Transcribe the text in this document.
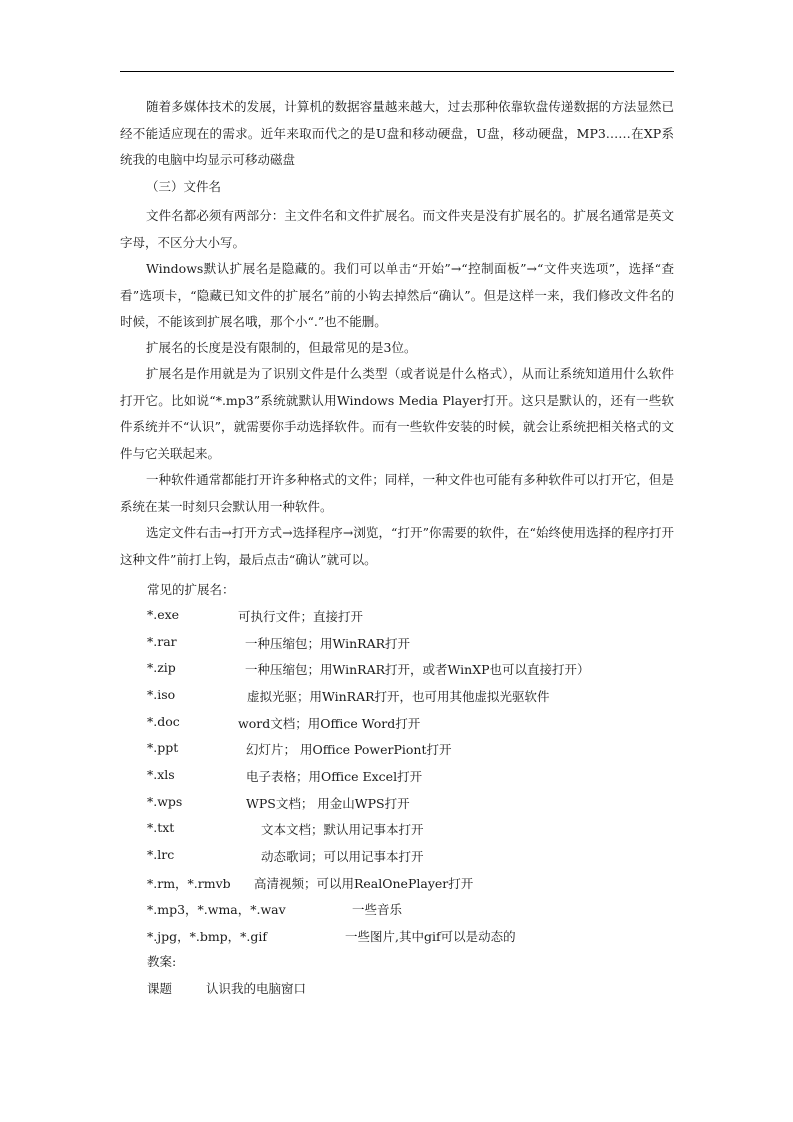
随着多媒体技术的发展，计算机的数据容量越来越大，过去那种依靠软盘传递数据的方法显然已经不能适应现在的需求。近年来取而代之的是U盘和移动硬盘，U盘，移动硬盘，MP3……在XP系统我的电脑中均显示可移动磁盘

（三）文件名

文件名都必须有两部分：主文件名和文件扩展名。而文件夹是没有扩展名的。扩展名通常是英文字母，不区分大小写。

Windows默认扩展名是隐藏的。我们可以单击“开始”→“控制面板”→“文件夹选项”，选择“查看”选项卡，“隐藏已知文件的扩展名”前的小钩去掉然后“确认”。但是这样一来，我们修改文件名的时候，不能该到扩展名哦，那个小“.”也不能删。

扩展名的长度是没有限制的，但最常见的是3位。

扩展名是作用就是为了识别文件是什么类型（或者说是什么格式），从而让系统知道用什么软件打开它。比如说“*.mp3”系统就默认用Windows Media Player打开。这只是默认的，还有一些软件系统并不“认识”，就需要你手动选择软件。而有一些软件安装的时候，就会让系统把相关格式的文件与它关联起来。

一种软件通常都能打开许多种格式的文件；同样，一种文件也可能有多种软件可以打开它，但是系统在某一时刻只会默认用一种软件。

选定文件右击→打开方式→选择程序→浏览，“打开”你需要的软件，在“始终使用选择的程序打开这种文件”前打上钩，最后点击“确认”就可以。

常见的扩展名：

*.exe	可执行文件；直接打开
*.rar	一种压缩包；用WinRAR打开
*.zip	一种压缩包；用WinRAR打开，或者WinXP也可以直接打开）
*.iso	虚拟光驱；用WinRAR打开，也可用其他虚拟光驱软件
*.doc	word文档；用Office Word打开
*.ppt	幻灯片； 用Office PowerPiont打开
*.xls	电子表格；用Office Excel打开
*.wps	WPS文档； 用金山WPS打开
*.txt	文本文档；默认用记事本打开
*.lrc	动态歌词；可以用记事本打开
*.rm，*.rmvb 高清视频；可以用RealOnePlayer打开
*.mp3，*.wma，*.wav	一些音乐
*.jpg，*.bmp，*.gif	一些图片,其中gif可以是动态的

教案:

课题	认识我的电脑窗口
